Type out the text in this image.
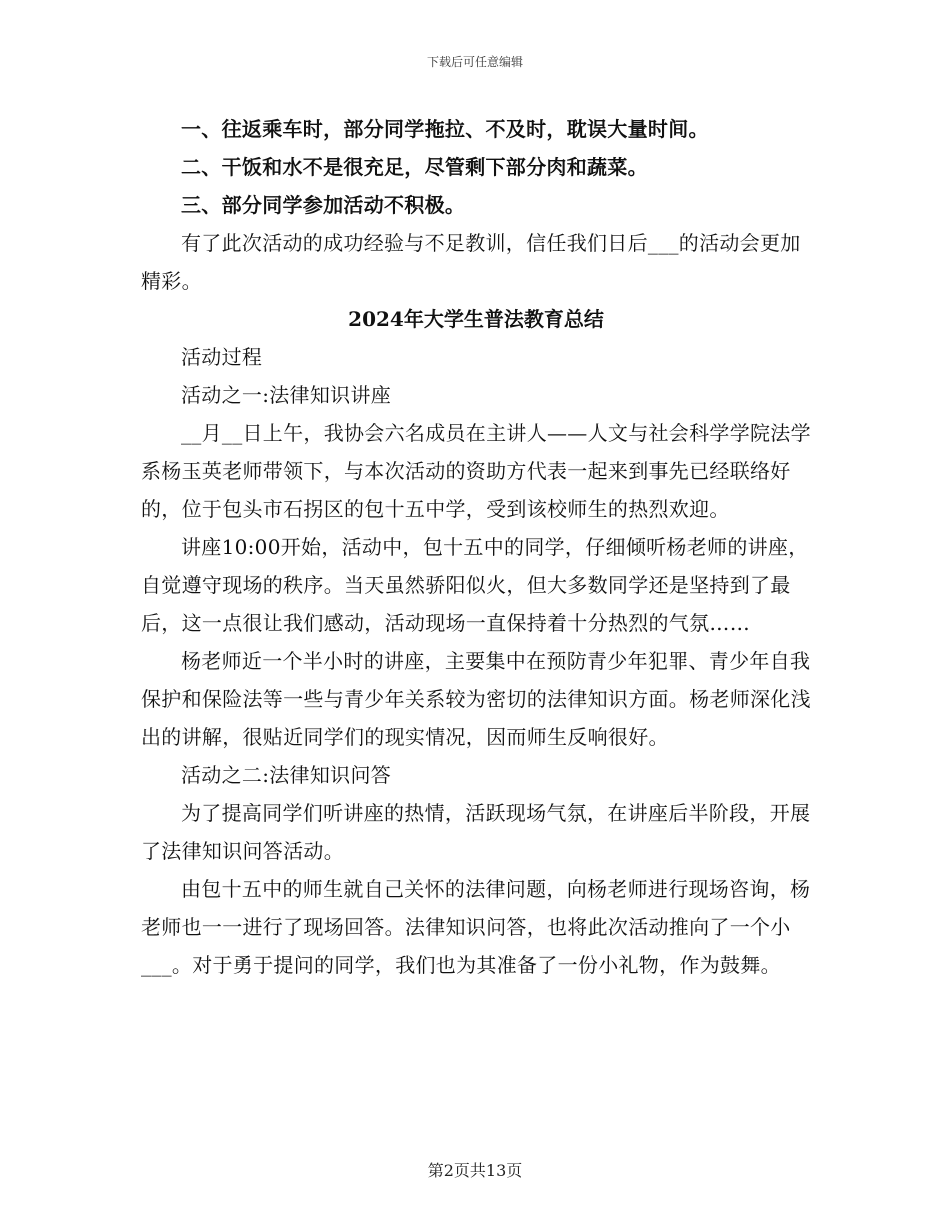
下载后可任意编辑

一、往返乘车时，部分同学拖拉、不及时，耽误大量时间。

二、干饭和水不是很充足，尽管剩下部分肉和蔬菜。

三、部分同学参加活动不积极。

有了此次活动的成功经验与不足教训，信任我们日后___的活动会更加精彩。

2024年大学生普法教育总结

活动过程

活动之一:法律知识讲座

__月__日上午，我协会六名成员在主讲人——人文与社会科学学院法学系杨玉英老师带领下，与本次活动的资助方代表一起来到事先已经联络好的，位于包头市石拐区的包十五中学，受到该校师生的热烈欢迎。

讲座10:00开始，活动中，包十五中的同学，仔细倾听杨老师的讲座，自觉遵守现场的秩序。当天虽然骄阳似火，但大多数同学还是坚持到了最后，这一点很让我们感动，活动现场一直保持着十分热烈的气氛……

杨老师近一个半小时的讲座，主要集中在预防青少年犯罪、青少年自我保护和保险法等一些与青少年关系较为密切的法律知识方面。杨老师深化浅出的讲解，很贴近同学们的现实情况，因而师生反响很好。

活动之二:法律知识问答

为了提高同学们听讲座的热情，活跃现场气氛，在讲座后半阶段，开展了法律知识问答活动。

由包十五中的师生就自己关怀的法律问题，向杨老师进行现场咨询，杨老师也一一进行了现场回答。法律知识问答，也将此次活动推向了一个小___。对于勇于提问的同学，我们也为其准备了一份小礼物，作为鼓舞。

第2页共13页
